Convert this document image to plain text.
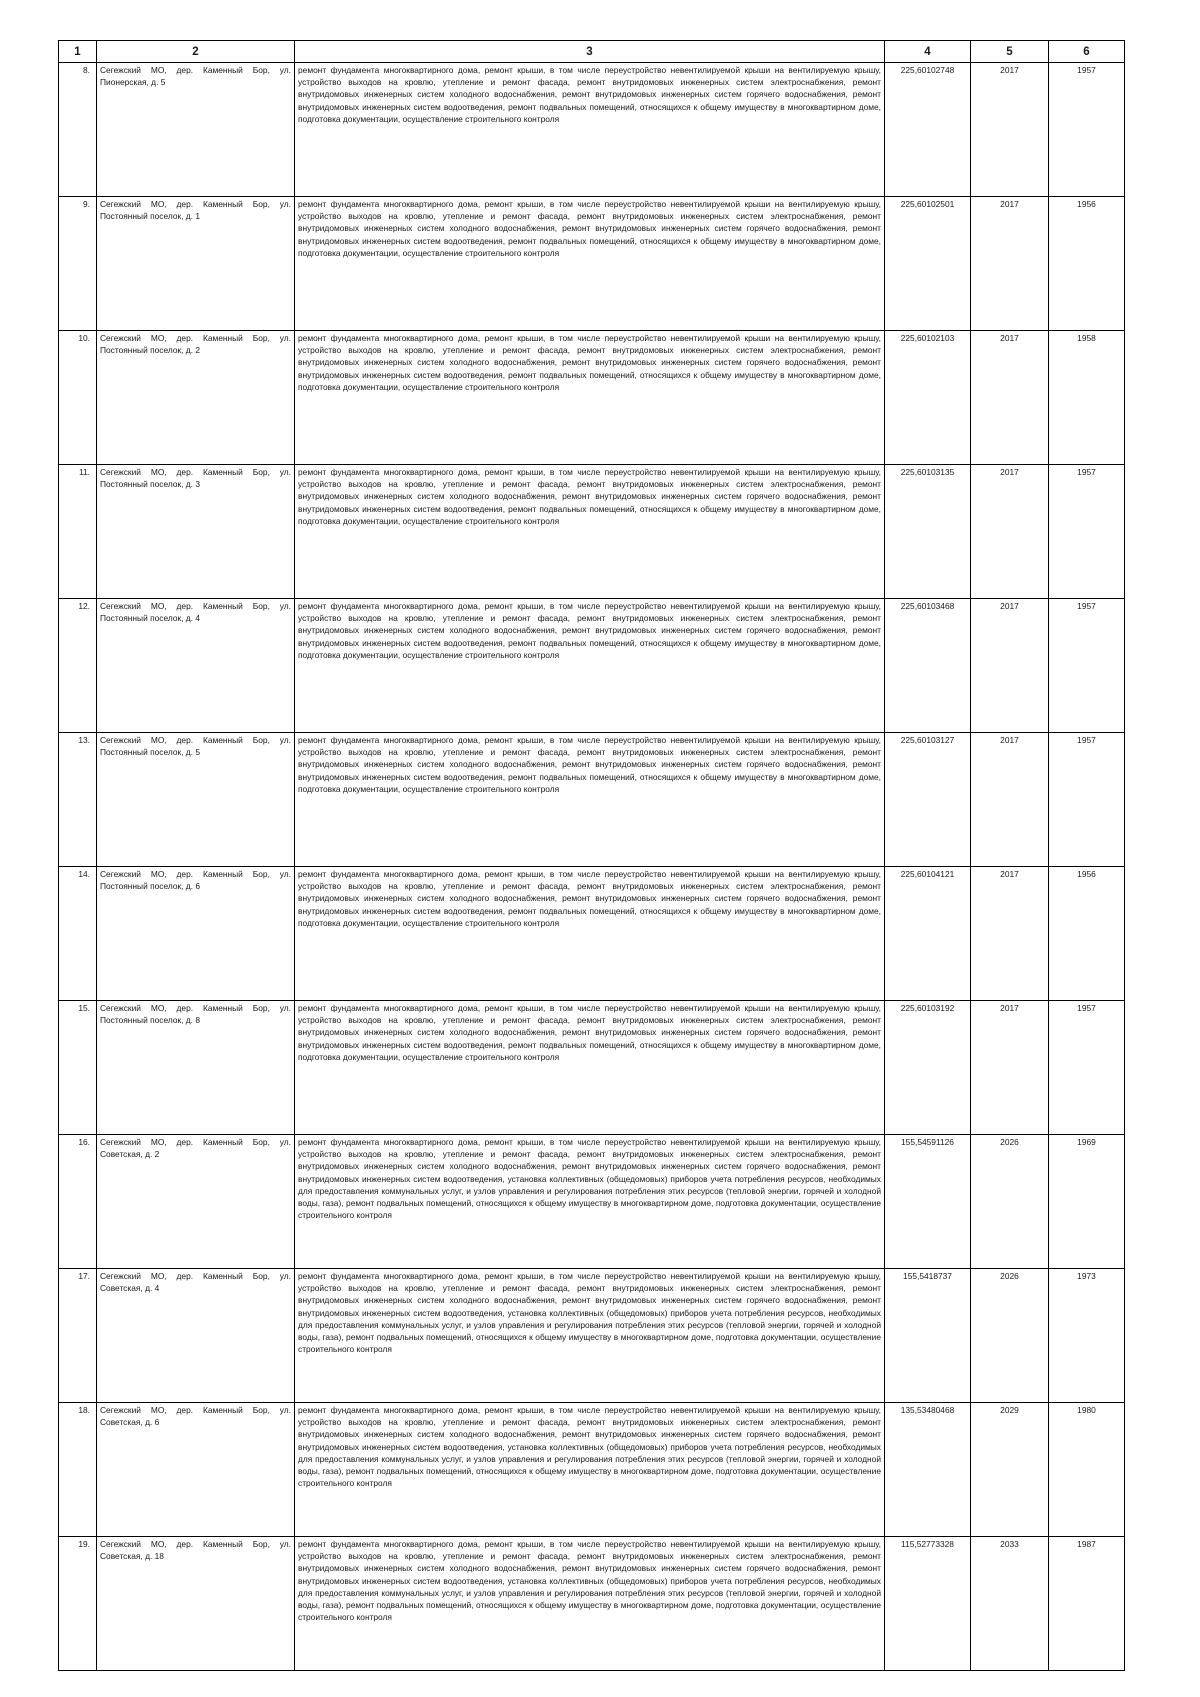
1	2	3	4	5	6
8.	Сегежский МО, дер. Каменный Бор, ул. Пионерская, д. 5	ремонт фундамента многоквартирного дома, ремонт крыши, в том числе переустройство невентилируемой крыши на вентилируемую крышу, устройство выходов на кровлю, утепление и ремонт фасада, ремонт внутридомовых инженерных систем электроснабжения, ремонт внутридомовых инженерных систем холодного водоснабжения, ремонт внутридомовых инженерных систем горячего водоснабжения, ремонт внутридомовых инженерных систем водоотведения, ремонт подвальных помещений, относящихся к общему имуществу в многоквартирном доме, подготовка документации, осуществление строительного контроля	225,60102748	2017	1957
9.	Сегежский МО, дер. Каменный Бор, ул. Постоянный поселок, д. 1	ремонт фундамента многоквартирного дома, ремонт крыши, в том числе переустройство невентилируемой крыши на вентилируемую крышу, устройство выходов на кровлю, утепление и ремонт фасада, ремонт внутридомовых инженерных систем электроснабжения, ремонт внутридомовых инженерных систем холодного водоснабжения, ремонт внутридомовых инженерных систем горячего водоснабжения, ремонт внутридомовых инженерных систем водоотведения, ремонт подвальных помещений, относящихся к общему имуществу в многоквартирном доме, подготовка документации, осуществление строительного контроля	225,60102501	2017	1956
10.	Сегежский МО, дер. Каменный Бор, ул. Постоянный поселок, д. 2	ремонт фундамента многоквартирного дома, ремонт крыши, в том числе переустройство невентилируемой крыши на вентилируемую крышу, устройство выходов на кровлю, утепление и ремонт фасада, ремонт внутридомовых инженерных систем электроснабжения, ремонт внутридомовых инженерных систем холодного водоснабжения, ремонт внутридомовых инженерных систем горячего водоснабжения, ремонт внутридомовых инженерных систем водоотведения, ремонт подвальных помещений, относящихся к общему имуществу в многоквартирном доме, подготовка документации, осуществление строительного контроля	225,60102103	2017	1958
11.	Сегежский МО, дер. Каменный Бор, ул. Постоянный поселок, д. 3	ремонт фундамента многоквартирного дома, ремонт крыши, в том числе переустройство невентилируемой крыши на вентилируемую крышу, устройство выходов на кровлю, утепление и ремонт фасада, ремонт внутридомовых инженерных систем электроснабжения, ремонт внутридомовых инженерных систем холодного водоснабжения, ремонт внутридомовых инженерных систем горячего водоснабжения, ремонт внутридомовых инженерных систем водоотведения, ремонт подвальных помещений, относящихся к общему имуществу в многоквартирном доме, подготовка документации, осуществление строительного контроля	225,60103135	2017	1957
12.	Сегежский МО, дер. Каменный Бор, ул. Постоянный поселок, д. 4	ремонт фундамента многоквартирного дома, ремонт крыши, в том числе переустройство невентилируемой крыши на вентилируемую крышу, устройство выходов на кровлю, утепление и ремонт фасада, ремонт внутридомовых инженерных систем электроснабжения, ремонт внутридомовых инженерных систем холодного водоснабжения, ремонт внутридомовых инженерных систем горячего водоснабжения, ремонт внутридомовых инженерных систем водоотведения, ремонт подвальных помещений, относящихся к общему имуществу в многоквартирном доме, подготовка документации, осуществление строительного контроля	225,60103468	2017	1957
13.	Сегежский МО, дер. Каменный Бор, ул. Постоянный поселок, д. 5	ремонт фундамента многоквартирного дома, ремонт крыши, в том числе переустройство невентилируемой крыши на вентилируемую крышу, устройство выходов на кровлю, утепление и ремонт фасада, ремонт внутридомовых инженерных систем электроснабжения, ремонт внутридомовых инженерных систем холодного водоснабжения, ремонт внутридомовых инженерных систем горячего водоснабжения, ремонт внутридомовых инженерных систем водоотведения, ремонт подвальных помещений, относящихся к общему имуществу в многоквартирном доме, подготовка документации, осуществление строительного контроля	225,60103127	2017	1957
14.	Сегежский МО, дер. Каменный Бор, ул. Постоянный поселок, д. 6	ремонт фундамента многоквартирного дома, ремонт крыши, в том числе переустройство невентилируемой крыши на вентилируемую крышу, устройство выходов на кровлю, утепление и ремонт фасада, ремонт внутридомовых инженерных систем электроснабжения, ремонт внутридомовых инженерных систем холодного водоснабжения, ремонт внутридомовых инженерных систем горячего водоснабжения, ремонт внутридомовых инженерных систем водоотведения, ремонт подвальных помещений, относящихся к общему имуществу в многоквартирном доме, подготовка документации, осуществление строительного контроля	225,60104121	2017	1956
15.	Сегежский МО, дер. Каменный Бор, ул. Постоянный поселок, д. 8	ремонт фундамента многоквартирного дома, ремонт крыши, в том числе переустройство невентилируемой крыши на вентилируемую крышу, устройство выходов на кровлю, утепление и ремонт фасада, ремонт внутридомовых инженерных систем электроснабжения, ремонт внутридомовых инженерных систем холодного водоснабжения, ремонт внутридомовых инженерных систем горячего водоснабжения, ремонт внутридомовых инженерных систем водоотведения, ремонт подвальных помещений, относящихся к общему имуществу в многоквартирном доме, подготовка документации, осуществление строительного контроля	225,60103192	2017	1957
16.	Сегежский МО, дер. Каменный Бор, ул. Советская, д. 2	ремонт фундамента многоквартирного дома, ремонт крыши, в том числе переустройство невентилируемой крыши на вентилируемую крышу, устройство выходов на кровлю, утепление и ремонт фасада, ремонт внутридомовых инженерных систем электроснабжения, ремонт внутридомовых инженерных систем холодного водоснабжения, ремонт внутридомовых инженерных систем горячего водоснабжения, ремонт внутридомовых инженерных систем водоотведения, установка коллективных (общедомовых) приборов учета потребления ресурсов, необходимых для предоставления коммунальных услуг, и узлов управления и регулирования потребления этих ресурсов (тепловой энергии, горячей и холодной воды, газа), ремонт подвальных помещений, относящихся к общему имуществу в многоквартирном доме, подготовка документации, осуществление строительного контроля	155,54591126	2026	1969
17.	Сегежский МО, дер. Каменный Бор, ул. Советская, д. 4	ремонт фундамента многоквартирного дома, ремонт крыши, в том числе переустройство невентилируемой крыши на вентилируемую крышу, устройство выходов на кровлю, утепление и ремонт фасада, ремонт внутридомовых инженерных систем электроснабжения, ремонт внутридомовых инженерных систем холодного водоснабжения, ремонт внутридомовых инженерных систем горячего водоснабжения, ремонт внутридомовых инженерных систем водоотведения, установка коллективных (общедомовых) приборов учета потребления ресурсов, необходимых для предоставления коммунальных услуг, и узлов управления и регулирования потребления этих ресурсов (тепловой энергии, горячей и холодной воды, газа), ремонт подвальных помещений, относящихся к общему имуществу в многоквартирном доме, подготовка документации, осуществление строительного контроля	155,5418737	2026	1973
18.	Сегежский МО, дер. Каменный Бор, ул. Советская, д. 6	ремонт фундамента многоквартирного дома, ремонт крыши, в том числе переустройство невентилируемой крыши на вентилируемую крышу, устройство выходов на кровлю, утепление и ремонт фасада, ремонт внутридомовых инженерных систем электроснабжения, ремонт внутридомовых инженерных систем холодного водоснабжения, ремонт внутридомовых инженерных систем горячего водоснабжения, ремонт внутридомовых инженерных систем водоотведения, установка коллективных (общедомовых) приборов учета потребления ресурсов, необходимых для предоставления коммунальных услуг, и узлов управления и регулирования потребления этих ресурсов (тепловой энергии, горячей и холодной воды, газа), ремонт подвальных помещений, относящихся к общему имуществу в многоквартирном доме, подготовка документации, осуществление строительного контроля	135,53480468	2029	1980
19.	Сегежский МО, дер. Каменный Бор, ул. Советская, д. 18	ремонт фундамента многоквартирного дома, ремонт крыши, в том числе переустройство невентилируемой крыши на вентилируемую крышу, устройство выходов на кровлю, утепление и ремонт фасада, ремонт внутридомовых инженерных систем электроснабжения, ремонт внутридомовых инженерных систем холодного водоснабжения, ремонт внутридомовых инженерных систем горячего водоснабжения, ремонт внутридомовых инженерных систем водоотведения, установка коллективных (общедомовых) приборов учета потребления ресурсов, необходимых для предоставления коммунальных услуг, и узлов управления и регулирования потребления этих ресурсов (тепловой энергии, горячей и холодной воды, газа), ремонт подвальных помещений, относящихся к общему имуществу в многоквартирном доме, подготовка документации, осуществление строительного контроля	115,52773328	2033	1987
